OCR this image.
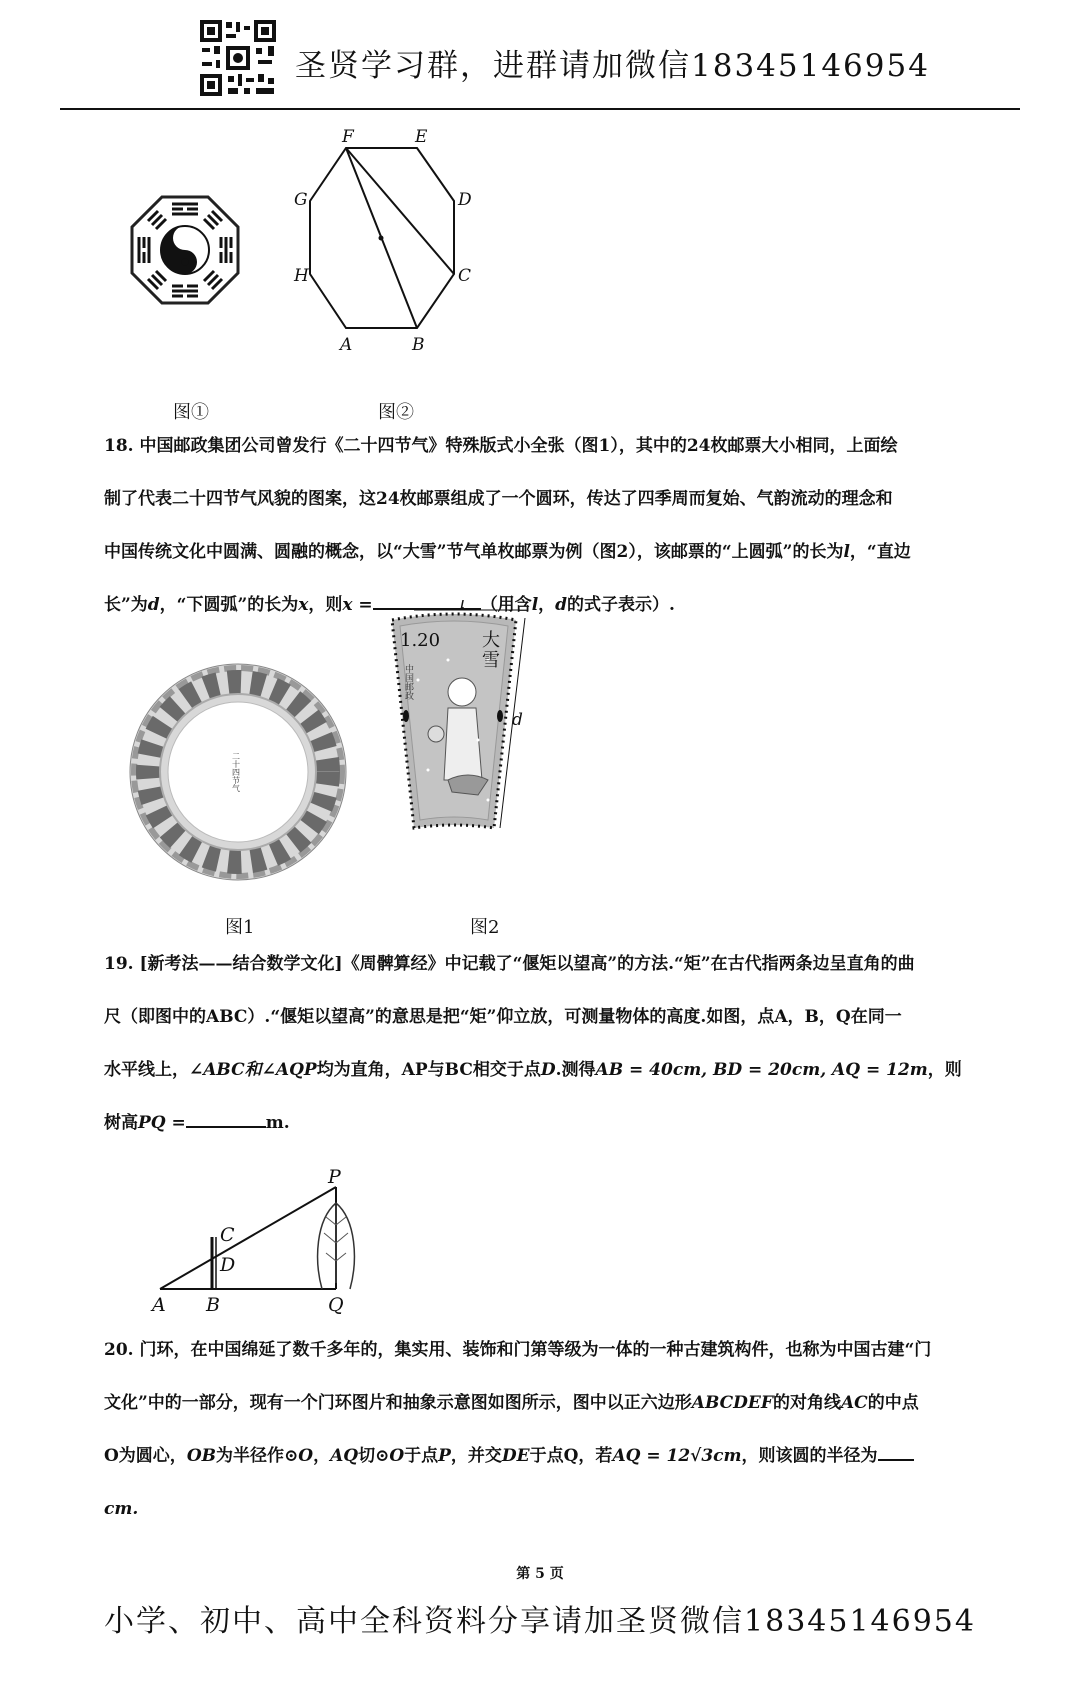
圣贤学习群，进群请加微信18345146954
F	E
D
C
B
A
H
G
图①	图②

18. 中国邮政集团公司曾发行《二十四节气》特殊版式小全张（图1），其中的24枚邮票大小相同，上面绘

制了代表二十四节气风貌的图案，这24枚邮票组成了一个圆环，传达了四季周而复始、气韵流动的理念和

中国传统文化中圆满、圆融的概念，以“大雪”节气单枚邮票为例（图2），该邮票的“上圆弧”的长为l，“直边

长”为d，“下圆弧”的长为x，则x =	（用含l，d的式子表示）.

二十四节气
1.20 大
雪
中国邮政
l
d
图1	图2

19. [新考法——结合数学文化]《周髀算经》中记载了“偃矩以望高”的方法.“矩”在古代指两条边呈直角的曲

尺（即图中的ABC）.“偃矩以望高”的意思是把“矩”仰立放，可测量物体的高度.如图，点A，B，Q在同一

水平线上，∠ABC和∠AQP均为直角，AP与BC相交于点D.测得AB = 40cm, BD = 20cm, AQ = 12m，则

树高PQ =	m.

P
C
D
A B	Q

20. 门环，在中国绵延了数千多年的，集实用、装饰和门第等级为一体的一种古建筑构件，也称为中国古建“门

文化”中的一部分，现有一个门环图片和抽象示意图如图所示，图中以正六边形ABCDEF的对角线AC的中点

O为圆心，OB为半径作⊙O，AQ切⊙O于点P，并交DE于点Q，若AQ = 12√3cm，则该圆的半径为

cm.

第 5 页
小学、初中、高中全科资料分享请加圣贤微信18345146954
